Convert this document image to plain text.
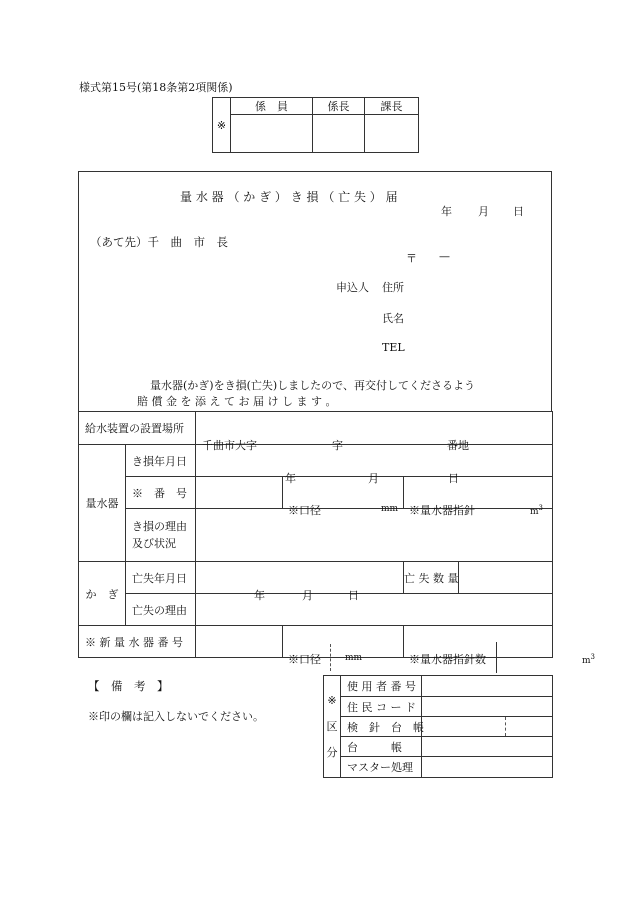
様式第15号(第18条第2項関係)
※	係　員	係長	課長

量 水 器 （ か ぎ ） き 損 （ 亡 失 ） 届
年 月 日
（あて先）千　曲　市　長
〒 —
申込人 住所
氏名
TEL
量水器(かぎ)をき損(亡失)しましたので、再交付してくださるよう
賠 償 金 を 添 え て お 届 け し ま す 。
給水装置の設置場所		千曲市大字 字 番地			

量水器	き損年月日	年 月 日			

	※　番　号		※口径 mm	※量水器指針 $m^3$

	き損の理由
及び状況				

か　ぎ	亡失年月日	年 月 日		亡 失 数 量	
	亡失の理由				
※ 新 量 水 器 番 号			※口径 mm	※量水器指針数 $m^3$
【　備　考　】
※印の欄は記入しないでください。
※
区
分	使 用 者 番 号		
	住 民 コ ー ド		
	検　針　台　帳		
	台　　　帳		
	マスター処理		
